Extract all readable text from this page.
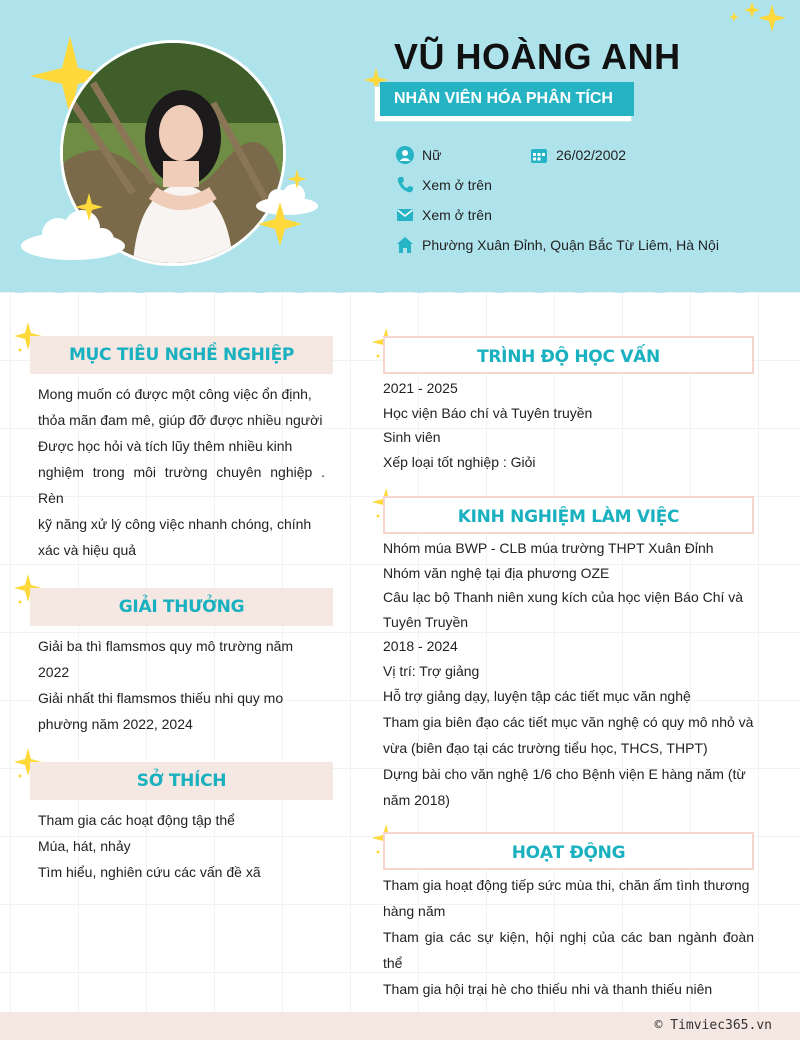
VŨ HOÀNG ANH
NHÂN VIÊN HÓA PHÂN TÍCH
Nữ	26/02/2002
Xem ở trên
Xem ở trên
Phường Xuân Đỉnh, Quận Bắc Từ Liêm, Hà Nội
MỤC TIÊU NGHỀ NGHIỆP
Mong muốn có được một công việc ổn định,
thỏa mãn đam mê, giúp đỡ được nhiều người
Được học hỏi và tích lũy thêm nhiều kinh
nghiệm trong môi trường chuyên nghiệp . Rèn
kỹ năng xử lý công việc nhanh chóng, chính
xác và hiệu quả
GIẢI THƯỞNG
Giải ba thì flamsmos quy mô trường năm
2022
Giải nhất thi flamsmos thiếu nhi quy mo
phường năm 2022, 2024
SỞ THÍCH
Tham gia các hoạt động tập thể
Múa, hát, nhảy
Tìm hiểu, nghiên cứu các vấn đề xã
TRÌNH ĐỘ HỌC VẤN
2021 - 2025
Học viện Báo chí và Tuyên truyền
Sinh viên
Xếp loại tốt nghiệp : Giỏi
KINH NGHIỆM LÀM VIỆC
Nhóm múa BWP - CLB múa trường THPT Xuân Đỉnh
Nhóm văn nghệ tại địa phương OZE
Câu lạc bộ Thanh niên xung kích của học viện Báo Chí và
Tuyên Truyền
2018 - 2024
Vị trí: Trợ giảng
Hỗ trợ giảng dạy, luyện tập các tiết mục văn nghệ
Tham gia biên đạo các tiết mục văn nghệ có quy mô nhỏ và
vừa (biên đạo tại các trường tiểu học, THCS, THPT)
Dựng bài cho văn nghệ 1/6 cho Bệnh viện E hàng năm (từ
năm 2018)
HOẠT ĐỘNG
Tham gia hoạt động tiếp sức mùa thi, chăn ấm tình thương
hàng năm
Tham gia các sự kiện, hội nghị của các ban ngành đoàn thể
Tham gia hội trại hè cho thiếu nhi và thanh thiếu niên
© Timviec365.vn
